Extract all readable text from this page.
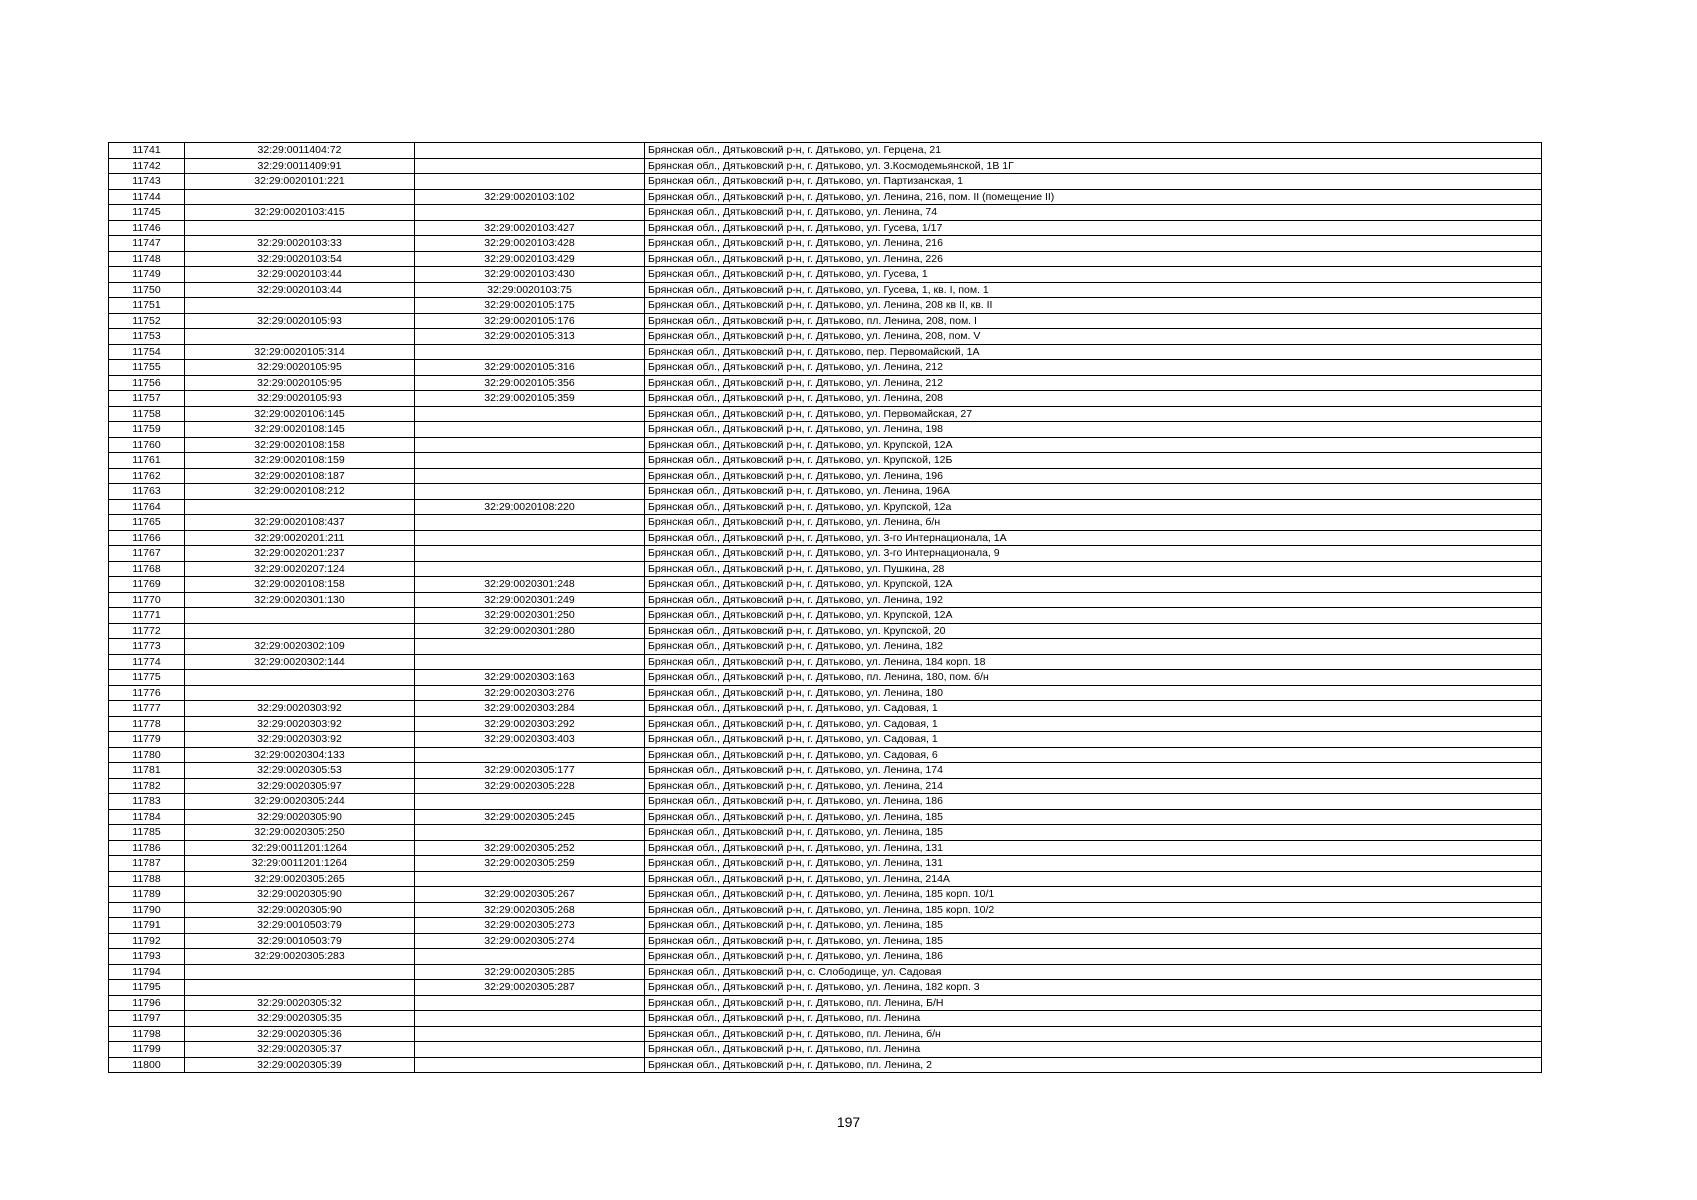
11741	32:29:0011404:72		Брянская обл., Дятьковский р-н, г. Дятьково, ул. Герцена, 21
11742	32:29:0011409:91		Брянская обл., Дятьковский р-н, г. Дятьково, ул. З.Космодемьянской, 1В 1Г
11743	32:29:0020101:221		Брянская обл., Дятьковский р-н, г. Дятьково, ул. Партизанская, 1
11744		32:29:0020103:102	Брянская обл., Дятьковский р-н, г. Дятьково, ул. Ленина, 216, пом. II (помещение II)
11745	32:29:0020103:415		Брянская обл., Дятьковский р-н, г. Дятьково, ул. Ленина, 74
11746		32:29:0020103:427	Брянская обл., Дятьковский р-н, г. Дятьково, ул. Гусева, 1/17
11747	32:29:0020103:33	32:29:0020103:428	Брянская обл., Дятьковский р-н, г. Дятьково, ул. Ленина, 216
11748	32:29:0020103:54	32:29:0020103:429	Брянская обл., Дятьковский р-н, г. Дятьково, ул. Ленина, 226
11749	32:29:0020103:44	32:29:0020103:430	Брянская обл., Дятьковский р-н, г. Дятьково, ул. Гусева, 1
11750	32:29:0020103:44	32:29:0020103:75	Брянская обл., Дятьковский р-н, г. Дятьково, ул. Гусева, 1, кв. I, пом. 1
11751		32:29:0020105:175	Брянская обл., Дятьковский р-н, г. Дятьково, ул. Ленина, 208 кв II, кв. II
11752	32:29:0020105:93	32:29:0020105:176	Брянская обл., Дятьковский р-н, г. Дятьково, пл. Ленина, 208, пом. I
11753		32:29:0020105:313	Брянская обл., Дятьковский р-н, г. Дятьково, ул. Ленина, 208, пом. V
11754	32:29:0020105:314		Брянская обл., Дятьковский р-н, г. Дятьково, пер. Первомайский, 1А
11755	32:29:0020105:95	32:29:0020105:316	Брянская обл., Дятьковский р-н, г. Дятьково, ул. Ленина, 212
11756	32:29:0020105:95	32:29:0020105:356	Брянская обл., Дятьковский р-н, г. Дятьково, ул. Ленина, 212
11757	32:29:0020105:93	32:29:0020105:359	Брянская обл., Дятьковский р-н, г. Дятьково, ул. Ленина, 208
11758	32:29:0020106:145		Брянская обл., Дятьковский р-н, г. Дятьково, ул. Первомайская, 27
11759	32:29:0020108:145		Брянская обл., Дятьковский р-н, г. Дятьково, ул. Ленина, 198
11760	32:29:0020108:158		Брянская обл., Дятьковский р-н, г. Дятьково, ул. Крупской, 12А
11761	32:29:0020108:159		Брянская обл., Дятьковский р-н, г. Дятьково, ул. Крупской, 12Б
11762	32:29:0020108:187		Брянская обл., Дятьковский р-н, г. Дятьково, ул. Ленина, 196
11763	32:29:0020108:212		Брянская обл., Дятьковский р-н, г. Дятьково, ул. Ленина, 196А
11764		32:29:0020108:220	Брянская обл., Дятьковский р-н, г. Дятьково, ул. Крупской, 12а
11765	32:29:0020108:437		Брянская обл., Дятьковский р-н, г. Дятьково, ул. Ленина, б/н
11766	32:29:0020201:211		Брянская обл., Дятьковский р-н, г. Дятьково, ул. 3-го Интернационала, 1А
11767	32:29:0020201:237		Брянская обл., Дятьковский р-н, г. Дятьково, ул. 3-го Интернационала, 9
11768	32:29:0020207:124		Брянская обл., Дятьковский р-н, г. Дятьково, ул. Пушкина, 28
11769	32:29:0020108:158	32:29:0020301:248	Брянская обл., Дятьковский р-н, г. Дятьково, ул. Крупской, 12А
11770	32:29:0020301:130	32:29:0020301:249	Брянская обл., Дятьковский р-н, г. Дятьково, ул. Ленина, 192
11771		32:29:0020301:250	Брянская обл., Дятьковский р-н, г. Дятьково, ул. Крупской, 12А
11772		32:29:0020301:280	Брянская обл., Дятьковский р-н, г. Дятьково, ул. Крупской, 20
11773	32:29:0020302:109		Брянская обл., Дятьковский р-н, г. Дятьково, ул. Ленина, 182
11774	32:29:0020302:144		Брянская обл., Дятьковский р-н, г. Дятьково, ул. Ленина, 184 корп. 18
11775		32:29:0020303:163	Брянская обл., Дятьковский р-н, г. Дятьково, пл. Ленина, 180, пом. б/н
11776		32:29:0020303:276	Брянская обл., Дятьковский р-н, г. Дятьково, ул. Ленина, 180
11777	32:29:0020303:92	32:29:0020303:284	Брянская обл., Дятьковский р-н, г. Дятьково, ул. Садовая, 1
11778	32:29:0020303:92	32:29:0020303:292	Брянская обл., Дятьковский р-н, г. Дятьково, ул. Садовая, 1
11779	32:29:0020303:92	32:29:0020303:403	Брянская обл., Дятьковский р-н, г. Дятьково, ул. Садовая, 1
11780	32:29:0020304:133		Брянская обл., Дятьковский р-н, г. Дятьково, ул. Садовая, 6
11781	32:29:0020305:53	32:29:0020305:177	Брянская обл., Дятьковский р-н, г. Дятьково, ул. Ленина, 174
11782	32:29:0020305:97	32:29:0020305:228	Брянская обл., Дятьковский р-н, г. Дятьково, ул. Ленина, 214
11783	32:29:0020305:244		Брянская обл., Дятьковский р-н, г. Дятьково, ул. Ленина, 186
11784	32:29:0020305:90	32:29:0020305:245	Брянская обл., Дятьковский р-н, г. Дятьково, ул. Ленина, 185
11785	32:29:0020305:250		Брянская обл., Дятьковский р-н, г. Дятьково, ул. Ленина, 185
11786	32:29:0011201:1264	32:29:0020305:252	Брянская обл., Дятьковский р-н, г. Дятьково, ул. Ленина, 131
11787	32:29:0011201:1264	32:29:0020305:259	Брянская обл., Дятьковский р-н, г. Дятьково, ул. Ленина, 131
11788	32:29:0020305:265		Брянская обл., Дятьковский р-н, г. Дятьково, ул. Ленина, 214А
11789	32:29:0020305:90	32:29:0020305:267	Брянская обл., Дятьковский р-н, г. Дятьково, ул. Ленина, 185 корп. 10/1
11790	32:29:0020305:90	32:29:0020305:268	Брянская обл., Дятьковский р-н, г. Дятьково, ул. Ленина, 185 корп. 10/2
11791	32:29:0010503:79	32:29:0020305:273	Брянская обл., Дятьковский р-н, г. Дятьково, ул. Ленина, 185
11792	32:29:0010503:79	32:29:0020305:274	Брянская обл., Дятьковский р-н, г. Дятьково, ул. Ленина, 185
11793	32:29:0020305:283		Брянская обл., Дятьковский р-н, г. Дятьково, ул. Ленина, 186
11794		32:29:0020305:285	Брянская обл., Дятьковский р-н, с. Слободище, ул. Садовая
11795		32:29:0020305:287	Брянская обл., Дятьковский р-н, г. Дятьково, ул. Ленина, 182 корп. 3
11796	32:29:0020305:32		Брянская обл., Дятьковский р-н, г. Дятьково, пл. Ленина, Б/Н
11797	32:29:0020305:35		Брянская обл., Дятьковский р-н, г. Дятьково, пл. Ленина
11798	32:29:0020305:36		Брянская обл., Дятьковский р-н, г. Дятьково, пл. Ленина, б/н
11799	32:29:0020305:37		Брянская обл., Дятьковский р-н, г. Дятьково, пл. Ленина
11800	32:29:0020305:39		Брянская обл., Дятьковский р-н, г. Дятьково, пл. Ленина, 2
197
